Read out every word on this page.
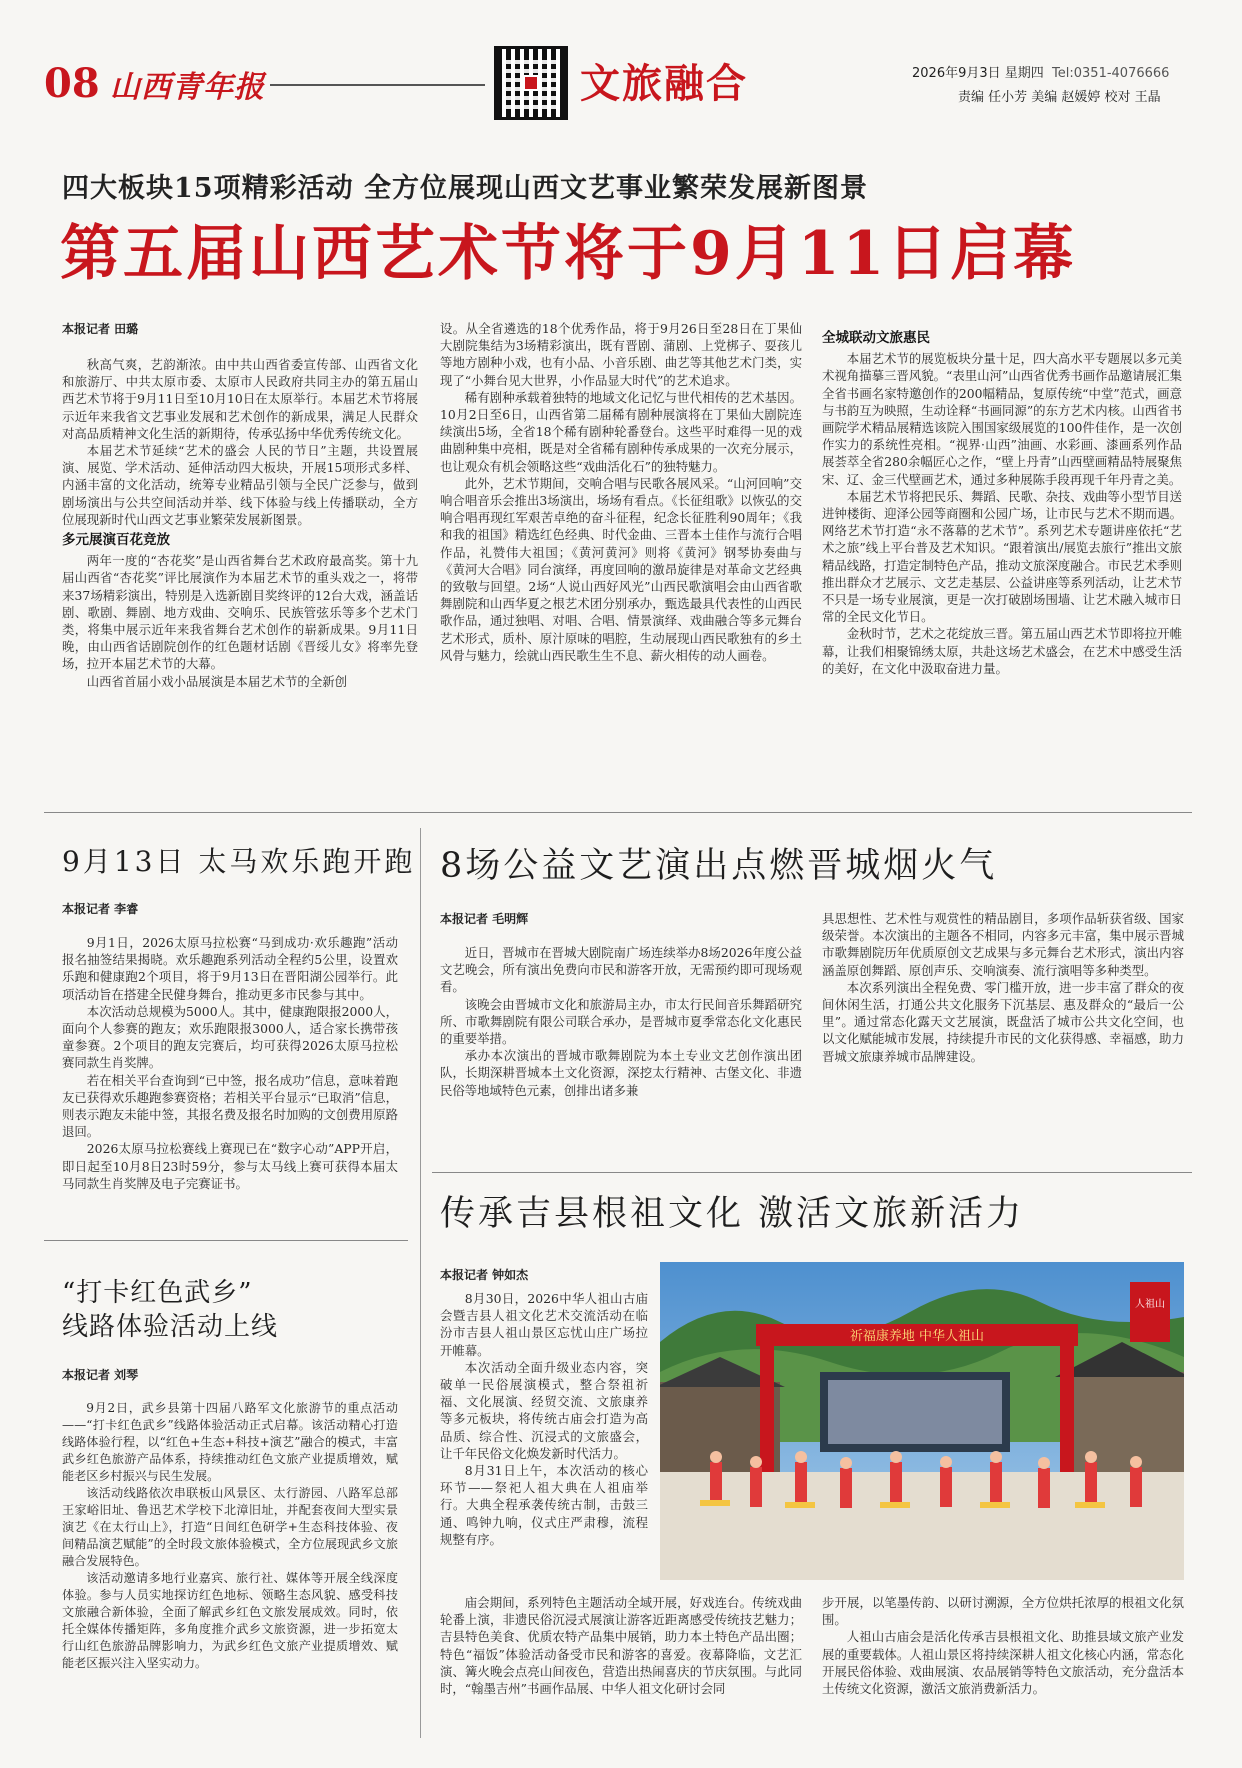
08 山西青年报	文旅融合	2026年9月3日 星期四 Tel:0351-4076666
责编 任小芳 美编 赵媛婷 校对 王晶
四大板块15项精彩活动 全方位展现山西文艺事业繁荣发展新图景
第五届山西艺术节将于9月11日启幕
本报记者 田璐

秋高气爽，艺韵渐浓。由中共山西省委宣传部、山西省文化和旅游厅、中共太原市委、太原市人民政府共同主办的第五届山西艺术节将于9月11日至10月10日在太原举行。本届艺术节将展示近年来我省文艺事业发展和艺术创作的新成果，满足人民群众对高品质精神文化生活的新期待，传承弘扬中华优秀传统文化。

本届艺术节延续“艺术的盛会 人民的节日”主题，共设置展演、展览、学术活动、延伸活动四大板块，开展15项形式多样、内涵丰富的文化活动，统筹专业精品引领与全民广泛参与，做到剧场演出与公共空间活动并举、线下体验与线上传播联动，全方位展现新时代山西文艺事业繁荣发展新图景。

多元展演百花竞放

两年一度的“杏花奖”是山西省舞台艺术政府最高奖。第十九届山西省“杏花奖”评比展演作为本届艺术节的重头戏之一，将带来37场精彩演出，特别是入选新剧目奖终评的12台大戏，涵盖话剧、歌剧、舞剧、地方戏曲、交响乐、民族管弦乐等多个艺术门类，将集中展示近年来我省舞台艺术创作的崭新成果。9月11日晚，由山西省话剧院创作的红色题材话剧《晋绥儿女》将率先登场，拉开本届艺术节的大幕。

山西省首届小戏小品展演是本届艺术节的全新创

设。从全省遴选的18个优秀作品，将于9月26日至28日在丁果仙大剧院集结为3场精彩演出，既有晋剧、蒲剧、上党梆子、耍孩儿等地方剧种小戏，也有小品、小音乐剧、曲艺等其他艺术门类，实现了“小舞台见大世界，小作品显大时代”的艺术追求。

稀有剧种承载着独特的地域文化记忆与世代相传的艺术基因。10月2日至6日，山西省第二届稀有剧种展演将在丁果仙大剧院连续演出5场，全省18个稀有剧种轮番登台。这些平时难得一见的戏曲剧种集中亮相，既是对全省稀有剧种传承成果的一次充分展示，也让观众有机会领略这些“戏曲活化石”的独特魅力。

此外，艺术节期间，交响合唱与民歌各展风采。“山河回响”交响合唱音乐会推出3场演出，场场有看点。《长征组歌》以恢弘的交响合唱再现红军艰苦卓绝的奋斗征程，纪念长征胜利90周年；《我和我的祖国》精选红色经典、时代金曲、三晋本土佳作与流行合唱作品，礼赞伟大祖国；《黄河黄河》则将《黄河》钢琴协奏曲与《黄河大合唱》同台演绎，再度回响的激昂旋律是对革命文艺经典的致敬与回望。2场“人说山西好风光”山西民歌演唱会由山西省歌舞剧院和山西华夏之根艺术团分别承办，甄选最具代表性的山西民歌作品，通过独唱、对唱、合唱、情景演绎、戏曲融合等多元舞台艺术形式，质朴、原汁原味的唱腔，生动展现山西民歌独有的乡土风骨与魅力，绘就山西民歌生生不息、薪火相传的动人画卷。

全城联动文旅惠民

本届艺术节的展览板块分量十足，四大高水平专题展以多元美术视角描摹三晋风貌。“表里山河”山西省优秀书画作品邀请展汇集全省书画名家特邀创作的200幅精品，复原传统“中堂”范式，画意与书韵互为映照，生动诠释“书画同源”的东方艺术内核。山西省书画院学术精品展精选该院入围国家级展览的100件佳作，是一次创作实力的系统性亮相。“视界·山西”油画、水彩画、漆画系列作品展荟萃全省280余幅匠心之作，“壁上丹青”山西壁画精品特展聚焦宋、辽、金三代壁画艺术，通过多种展陈手段再现千年丹青之美。

本届艺术节将把民乐、舞蹈、民歌、杂技、戏曲等小型节目送进钟楼街、迎泽公园等商圈和公园广场，让市民与艺术不期而遇。网络艺术节打造“永不落幕的艺术节”。系列艺术专题讲座依托“艺术之旅”线上平台普及艺术知识。“跟着演出/展览去旅行”推出文旅精品线路，打造定制特色产品，推动文旅深度融合。市民艺术季则推出群众才艺展示、文艺走基层、公益讲座等系列活动，让艺术节不只是一场专业展演，更是一次打破剧场围墙、让艺术融入城市日常的全民文化节日。

金秋时节，艺术之花绽放三晋。第五届山西艺术节即将拉开帷幕，让我们相聚锦绣太原，共赴这场艺术盛会，在艺术中感受生活的美好，在文化中汲取奋进力量。

9月13日 太马欢乐跑开跑
本报记者 李睿

9月1日，2026太原马拉松赛“马到成功·欢乐趣跑”活动报名抽签结果揭晓。欢乐趣跑系列活动全程约5公里，设置欢乐跑和健康跑2个项目，将于9月13日在晋阳湖公园举行。此项活动旨在搭建全民健身舞台，推动更多市民参与其中。

本次活动总规模为5000人。其中，健康跑限报2000人，面向个人参赛的跑友；欢乐跑限报3000人，适合家长携带孩童参赛。2个项目的跑友完赛后，均可获得2026太原马拉松赛同款生肖奖牌。

若在相关平台查询到“已中签，报名成功”信息，意味着跑友已获得欢乐趣跑参赛资格；若相关平台显示“已取消”信息，则表示跑友未能中签，其报名费及报名时加购的文创费用原路退回。

2026太原马拉松赛线上赛现已在“数字心动”APP开启，即日起至10月8日23时59分，参与太马线上赛可获得本届太马同款生肖奖牌及电子完赛证书。

“打卡红色武乡”
线路体验活动上线
本报记者 刘琴

9月2日，武乡县第十四届八路军文化旅游节的重点活动——“打卡红色武乡”线路体验活动正式启幕。该活动精心打造线路体验行程，以“红色+生态+科技+演艺”融合的模式，丰富武乡红色旅游产品体系，持续推动红色文旅产业提质增效，赋能老区乡村振兴与民生发展。

该活动线路依次串联板山风景区、太行游园、八路军总部王家峪旧址、鲁迅艺术学校下北漳旧址，并配套夜间大型实景演艺《在太行山上》，打造“日间红色研学+生态科技体验、夜间精品演艺赋能”的全时段文旅体验模式，全方位展现武乡文旅融合发展特色。

该活动邀请多地行业嘉宾、旅行社、媒体等开展全线深度体验。参与人员实地探访红色地标、领略生态风貌、感受科技文旅融合新体验，全面了解武乡红色文旅发展成效。同时，依托全媒体传播矩阵，多角度推介武乡文旅资源，进一步拓宽太行山红色旅游品牌影响力，为武乡红色文旅产业提质增效、赋能老区振兴注入坚实动力。

8场公益文艺演出点燃晋城烟火气
本报记者 毛明辉

近日，晋城市在晋城大剧院南广场连续举办8场2026年度公益文艺晚会，所有演出免费向市民和游客开放，无需预约即可现场观看。

该晚会由晋城市文化和旅游局主办，市太行民间音乐舞蹈研究所、市歌舞剧院有限公司联合承办，是晋城市夏季常态化文化惠民的重要举措。

承办本次演出的晋城市歌舞剧院为本土专业文艺创作演出团队，长期深耕晋城本土文化资源，深挖太行精神、古堡文化、非遗民俗等地域特色元素，创排出诸多兼

具思想性、艺术性与观赏性的精品剧目，多项作品斩获省级、国家级荣誉。本次演出的主题各不相同，内容多元丰富，集中展示晋城市歌舞剧院历年优质原创文艺成果与多元舞台艺术形式，演出内容涵盖原创舞蹈、原创声乐、交响演奏、流行演唱等多种类型。

本次系列演出全程免费、零门槛开放，进一步丰富了群众的夜间休闲生活，打通公共文化服务下沉基层、惠及群众的“最后一公里”。通过常态化露天文艺展演，既盘活了城市公共文化空间，也以文化赋能城市发展，持续提升市民的文化获得感、幸福感，助力晋城文旅康养城市品牌建设。

传承吉县根祖文化 激活文旅新活力
本报记者 钟如杰

8月30日，2026中华人祖山古庙会暨吉县人祖文化艺术交流活动在临汾市吉县人祖山景区忘忧山庄广场拉开帷幕。

本次活动全面升级业态内容，突破单一民俗展演模式，整合祭祖祈福、文化展演、经贸交流、文旅康养等多元板块，将传统古庙会打造为高品质、综合性、沉浸式的文旅盛会，让千年民俗文化焕发新时代活力。

8月31日上午，本次活动的核心环节——祭祀人祖大典在人祖庙举行。大典全程承袭传统古制，击鼓三通、鸣钟九响，仪式庄严肃穆，流程规整有序。

庙会期间，系列特色主题活动全域开展，好戏连台。传统戏曲轮番上演，非遗民俗沉浸式展演让游客近距离感受传统技艺魅力；吉县特色美食、优质农特产品集中展销，助力本土特色产品出圈；特色“福饭”体验活动备受市民和游客的喜爱。夜幕降临，文艺汇演、篝火晚会点亮山间夜色，营造出热闹喜庆的节庆氛围。与此同时，“翰墨吉州”书画作品展、中华人祖文化研讨会同

步开展，以笔墨传韵、以研讨溯源，全方位烘托浓厚的根祖文化氛围。

人祖山古庙会是活化传承吉县根祖文化、助推县域文旅产业发展的重要载体。人祖山景区将持续深耕人祖文化核心内涵，常态化开展民俗体验、戏曲展演、农品展销等特色文旅活动，充分盘活本土传统文化资源，激活文旅消费新活力。

祈福康养地 中华人祖山
人祖山
